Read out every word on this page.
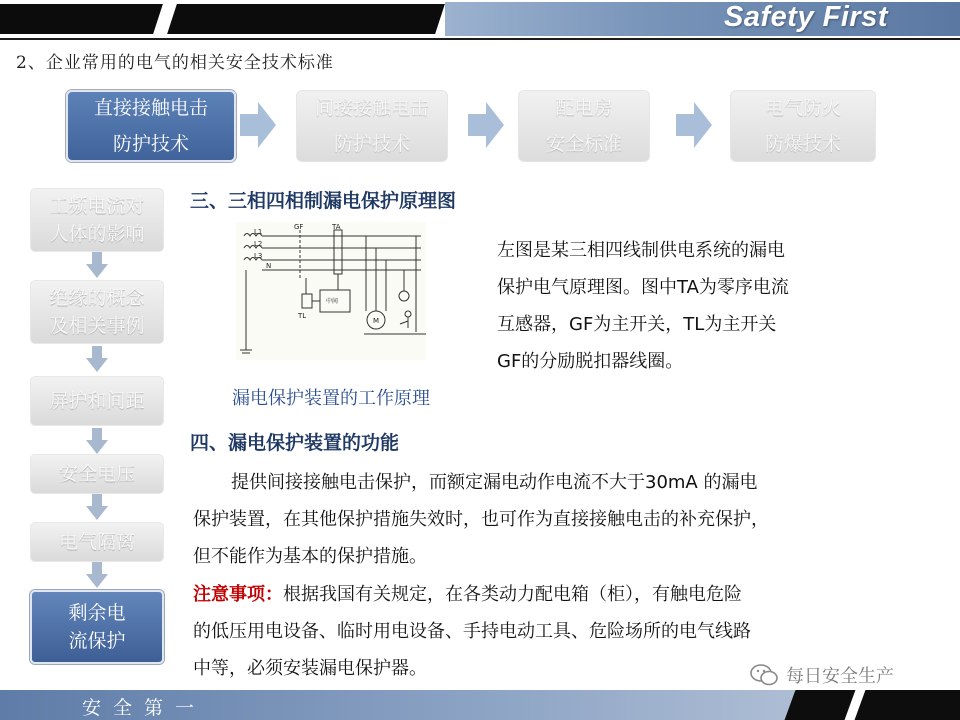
Safety First
2、企业常用的电气的相关安全技术标准
直接接触电击
防护技术
间接接触电击
防护技术
配电房
安全标准
电气防火
防爆技术
工频电流对
人体的影响
绝缘的概念
及相关事例
屏护和间距
安全电压
电气隔离
剩余电
流保护
三、三相四相制漏电保护原理图
L1
L2
L3
N
GF	TA
TL
M
中间
漏电保护装置的工作原理
左图是某三相四线制供电系统的漏电
保护电气原理图。图中TA为零序电流
互感器，GF为主开关，TL为主开关
GF的分励脱扣器线圈。
四、漏电保护装置的功能
提供间接接触电击保护，而额定漏电动作电流不大于30mA 的漏电
保护装置，在其他保护措施失效时，也可作为直接接触电击的补充保护，
但不能作为基本的保护措施。
注意事项：根据我国有关规定，在各类动力配电箱（柜），有触电危险
的低压用电设备、临时用电设备、手持电动工具、危险场所的电气线路
中等，必须安装漏电保护器。	每日安全生产
安全第一
